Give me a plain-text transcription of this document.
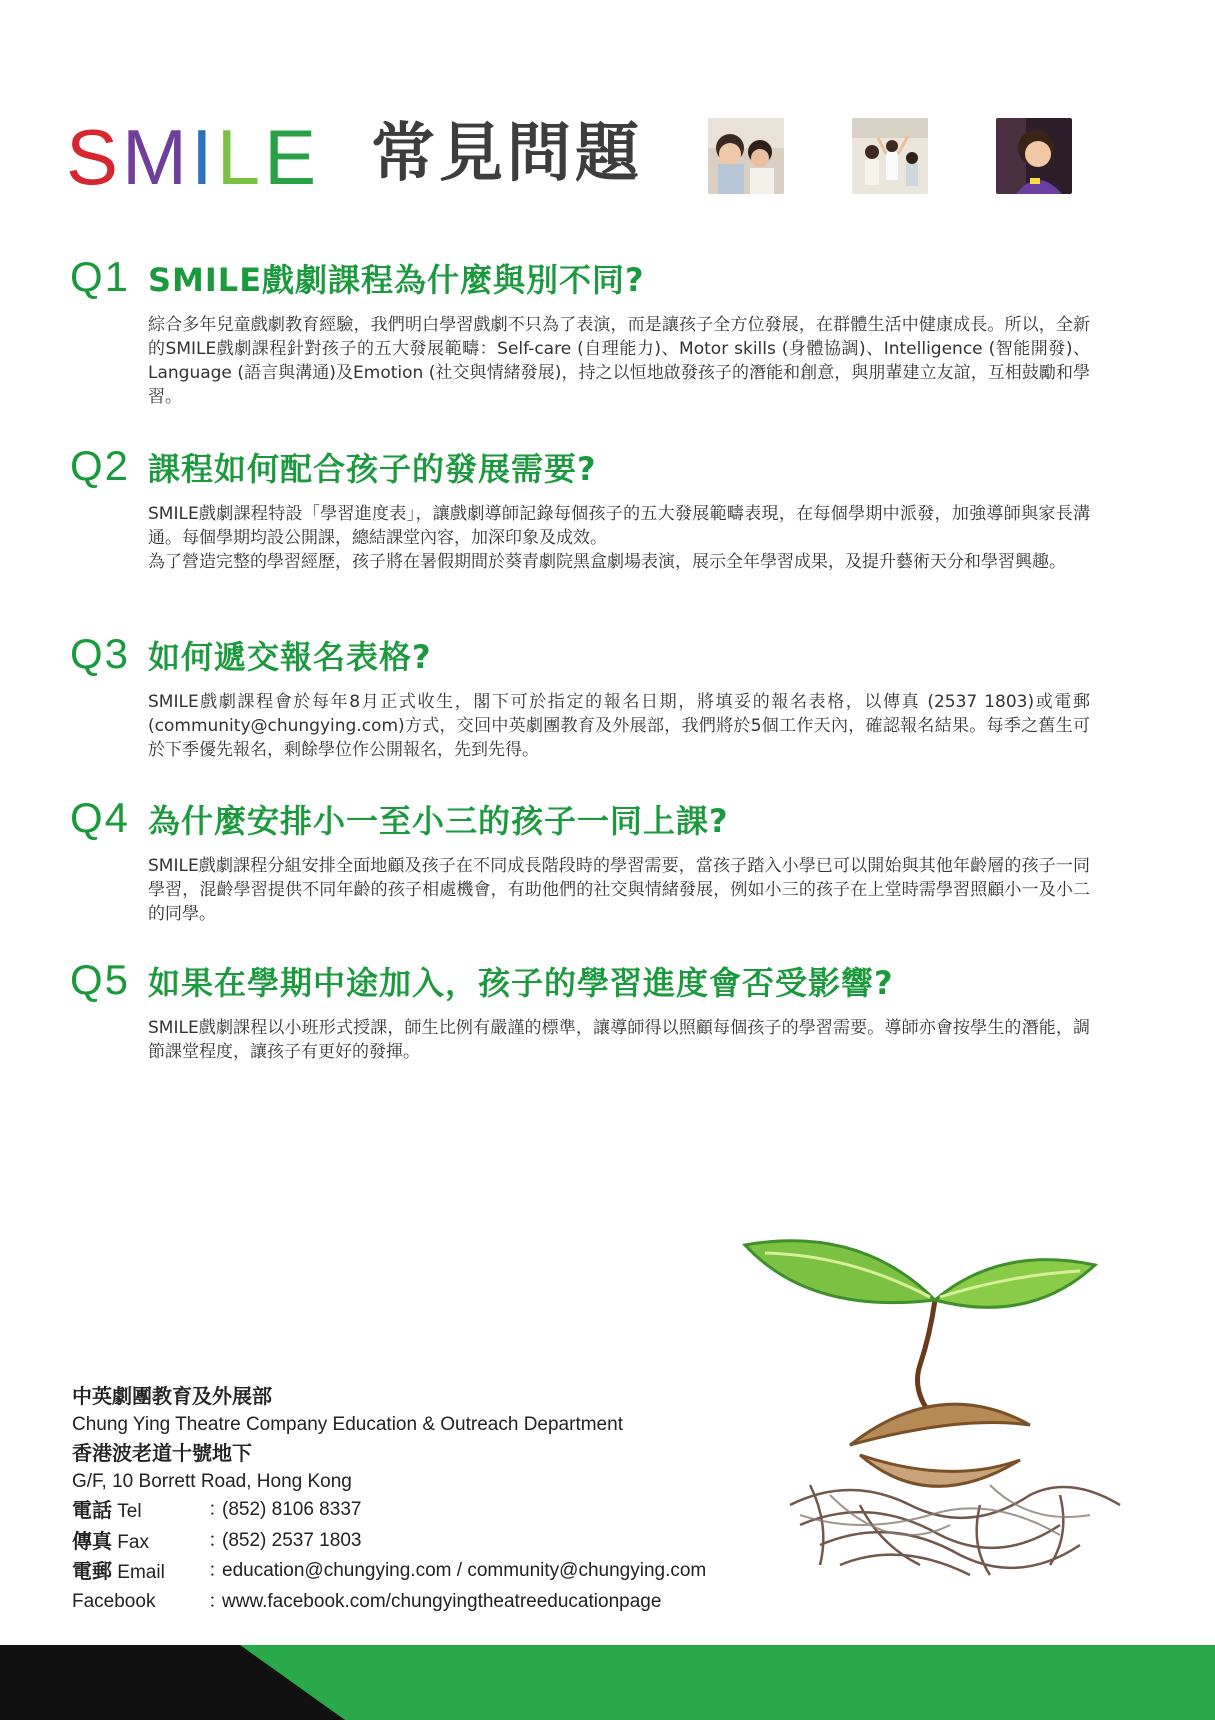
SMILE 常見問題
Q1 SMILE戲劇課程為什麼與別不同?
綜合多年兒童戲劇教育經驗，我們明白學習戲劇不只為了表演，而是讓孩子全方位發展，在群體生活中健康成長。所以，全新的SMILE戲劇課程針對孩子的五大發展範疇：Self-care (自理能力)、Motor skills (身體協調)、Intelligence (智能開發)、Language (語言與溝通)及Emotion (社交與情緒發展)，持之以恒地啟發孩子的潛能和創意，與朋輩建立友誼，互相鼓勵和學習。
Q2 課程如何配合孩子的發展需要?
SMILE戲劇課程特設「學習進度表」，讓戲劇導師記錄每個孩子的五大發展範疇表現，在每個學期中派發，加強導師與家長溝通。每個學期均設公開課，總結課堂內容，加深印象及成效。
為了營造完整的學習經歷，孩子將在暑假期間於葵青劇院黑盒劇場表演，展示全年學習成果，及提升藝術天分和學習興趣。
Q3 如何遞交報名表格?
SMILE戲劇課程會於每年8月正式收生，閣下可於指定的報名日期，將填妥的報名表格，以傳真 (2537 1803)或電郵 (community@chungying.com)方式，交回中英劇團教育及外展部，我們將於5個工作天內，確認報名結果。每季之舊生可於下季優先報名，剩餘學位作公開報名，先到先得。
Q4 為什麼安排小一至小三的孩子一同上課?
SMILE戲劇課程分組安排全面地顧及孩子在不同成長階段時的學習需要，當孩子踏入小學已可以開始與其他年齡層的孩子一同學習，混齡學習提供不同年齡的孩子相處機會，有助他們的社交與情緒發展，例如小三的孩子在上堂時需學習照顧小一及小二的同學。
Q5 如果在學期中途加入，孩子的學習進度會否受影響?
SMILE戲劇課程以小班形式授課，師生比例有嚴謹的標準，讓導師得以照顧每個孩子的學習需要。導師亦會按學生的潛能，調節課堂程度，讓孩子有更好的發揮。
中英劇團教育及外展部
Chung Ying Theatre Company Education & Outreach Department
香港波老道十號地下
G/F, 10 Borrett Road, Hong Kong
電話 Tel	：
(852) 8106 8337
傳真 Fax	：
(852) 2537 1803
電郵 Email	：
education@chungying.com / community@chungying.com
Facebook	：
www.facebook.com/chungyingtheatreeducationpage
